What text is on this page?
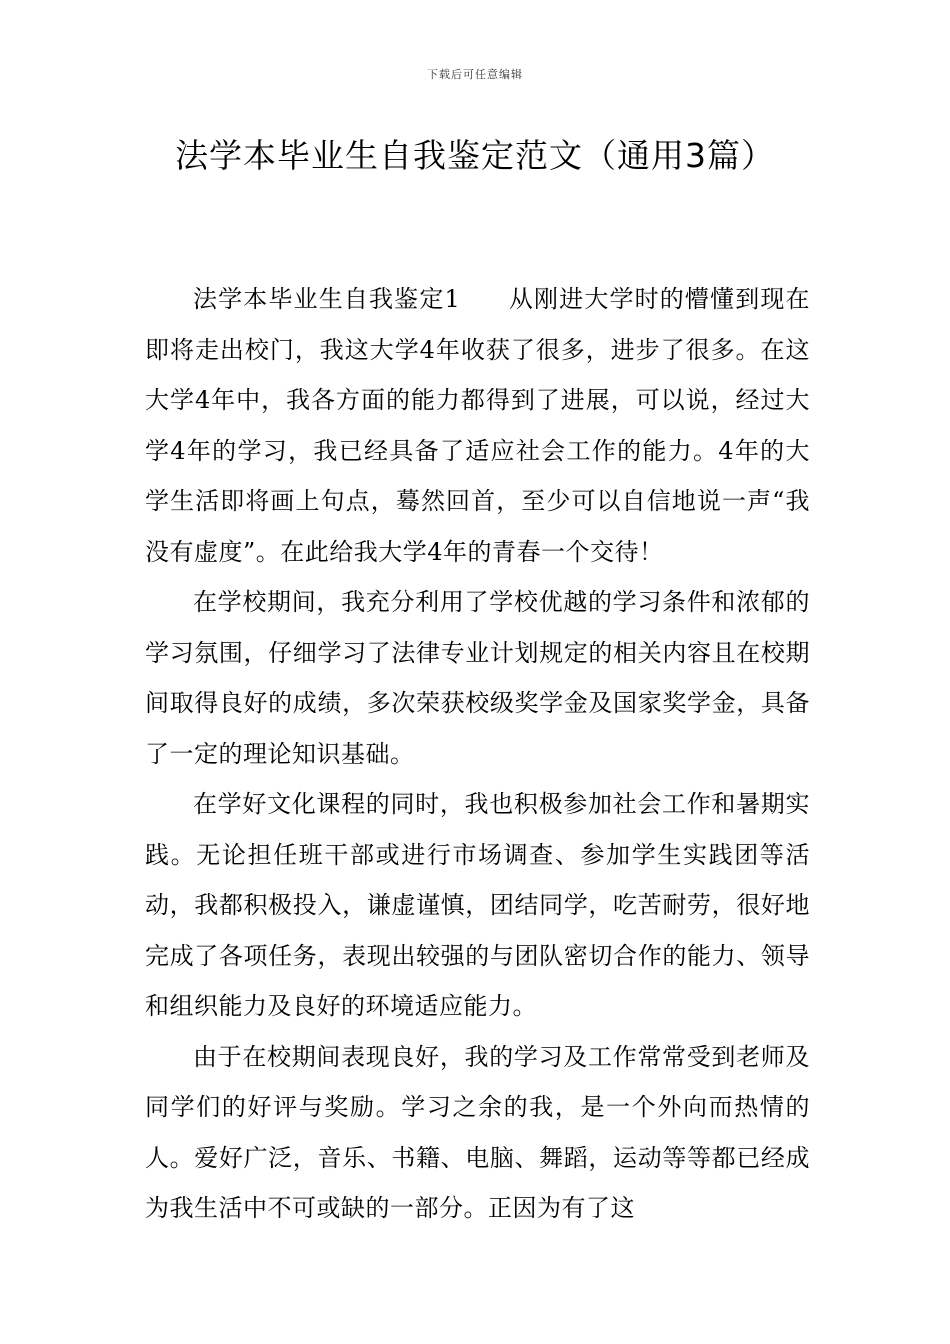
下载后可任意编辑
法学本毕业生自我鉴定范文（通用3篇）

法学本毕业生自我鉴定1 从刚进大学时的懵懂到现在即将走出校门，我这大学4年收获了很多，进步了很多。在这大学4年中，我各方面的能力都得到了进展，可以说，经过大学4年的学习，我已经具备了适应社会工作的能力。4年的大学生活即将画上句点，蓦然回首，至少可以自信地说一声“我没有虚度”。在此给我大学4年的青春一个交待！

在学校期间，我充分利用了学校优越的学习条件和浓郁的学习氛围，仔细学习了法律专业计划规定的相关内容且在校期间取得良好的成绩，多次荣获校级奖学金及国家奖学金，具备了一定的理论知识基础。

在学好文化课程的同时，我也积极参加社会工作和暑期实践。无论担任班干部或进行市场调查、参加学生实践团等活动，我都积极投入，谦虚谨慎，团结同学，吃苦耐劳，很好地完成了各项任务，表现出较强的与团队密切合作的能力、领导和组织能力及良好的环境适应能力。

由于在校期间表现良好，我的学习及工作常常受到老师及同学们的好评与奖励。学习之余的我，是一个外向而热情的人。爱好广泛，音乐、书籍、电脑、舞蹈，运动等等都已经成为我生活中不可或缺的一部分。正因为有了这
